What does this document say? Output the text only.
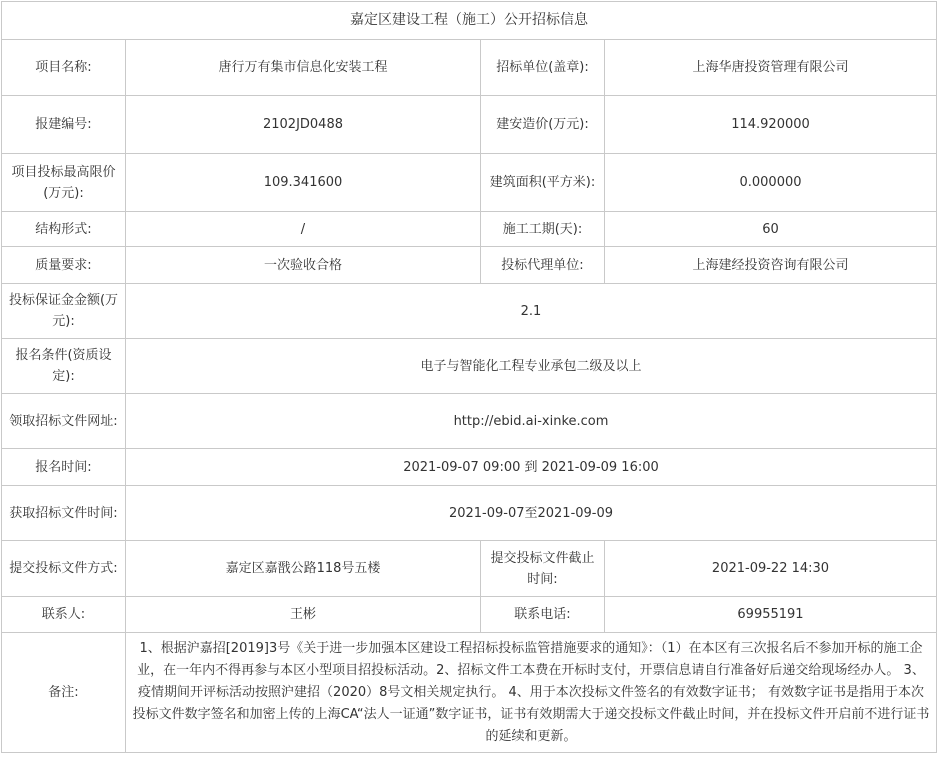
嘉定区建设工程（施工）公开招标信息			
项目名称:	唐行万有集市信息化安装工程	招标单位(盖章):	上海华唐投资管理有限公司
报建编号:	2102JD0488	建安造价(万元):	114.920000
项目投标最高限价(万元):	109.341600	建筑面积(平方米):	0.000000
结构形式:	/	施工工期(天):	60
质量要求:	一次验收合格	投标代理单位:	上海建经投资咨询有限公司
投标保证金金额(万元):	2.1		
报名条件(资质设定):	电子与智能化工程专业承包二级及以上		
领取招标文件网址:	http://ebid.ai-xinke.com		
报名时间:	2021-09-07 09:00 到 2021-09-09 16:00		
获取招标文件时间:	2021-09-07至2021-09-09		
提交投标文件方式:	嘉定区嘉戬公路118号五楼	提交投标文件截止时间:	2021-09-22 14:30
联系人:	王彬	联系电话:	69955191
备注:	1、根据沪嘉招[2019]3号《关于进一步加强本区建设工程招标投标监管措施要求的通知》：（1）在本区有三次报名后不参加开标的施工企业，在一年内不得再参与本区小型项目招投标活动。2、招标文件工本费在开标时支付，开票信息请自行准备好后递交给现场经办人。 3、疫情期间开评标活动按照沪建招（2020）8号文相关规定执行。 4、用于本次投标文件签名的有效数字证书； 有效数字证书是指用于本次投标文件数字签名和加密上传的上海CA“法人一证通”数字证书，证书有效期需大于递交投标文件截止时间，并在投标文件开启前不进行证书的延续和更新。		
